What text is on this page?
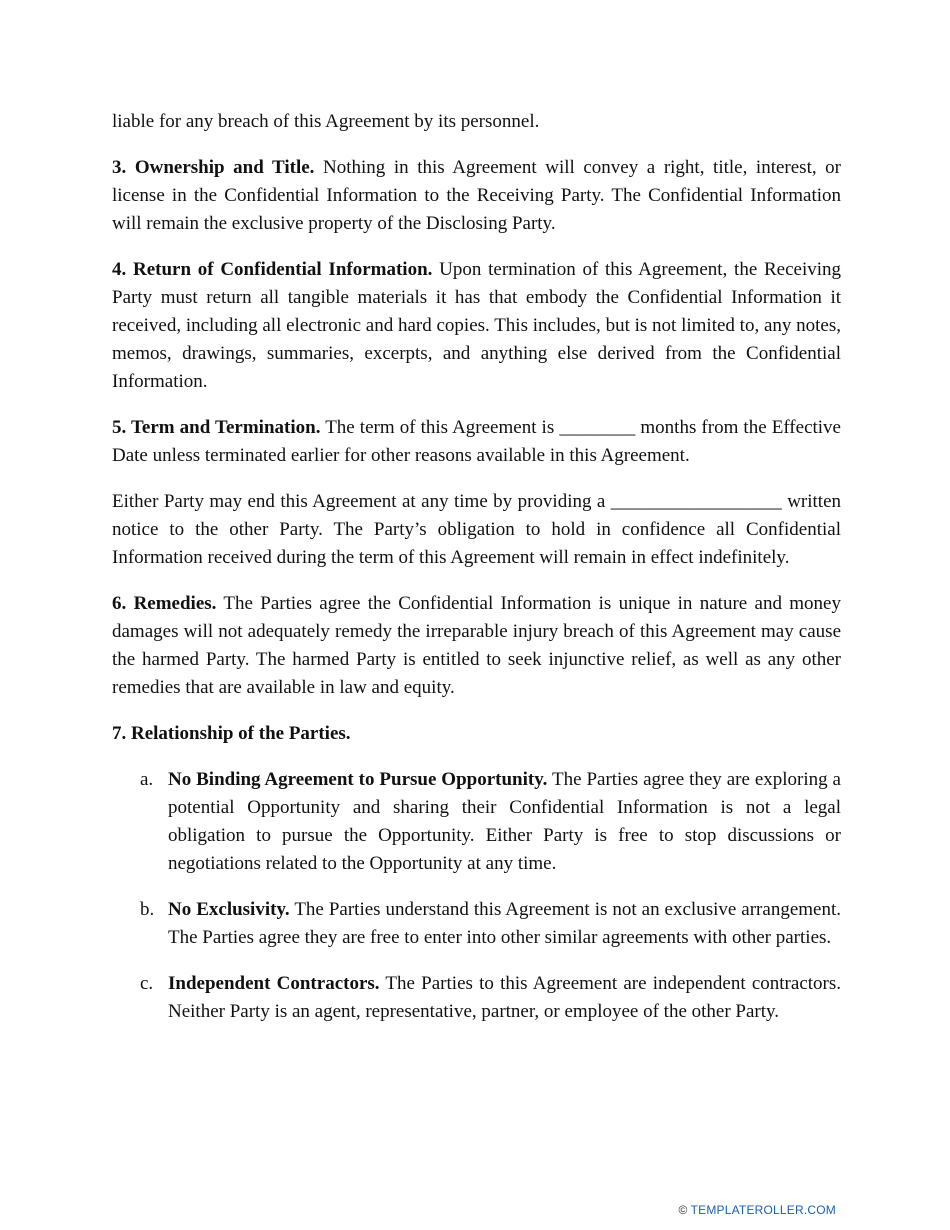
liable for any breach of this Agreement by its personnel.

3. Ownership and Title. Nothing in this Agreement will convey a right, title, interest, or license in the Confidential Information to the Receiving Party. The Confidential Information will remain the exclusive property of the Disclosing Party.

4. Return of Confidential Information. Upon termination of this Agreement, the Receiving Party must return all tangible materials it has that embody the Confidential Information it received, including all electronic and hard copies. This includes, but is not limited to, any notes, memos, drawings, summaries, excerpts, and anything else derived from the Confidential Information.

5. Term and Termination. The term of this Agreement is ________ months from the Effective Date unless terminated earlier for other reasons available in this Agreement.

Either Party may end this Agreement at any time by providing a __________________ written notice to the other Party. The Party’s obligation to hold in confidence all Confidential Information received during the term of this Agreement will remain in effect indefinitely.

6. Remedies. The Parties agree the Confidential Information is unique in nature and money damages will not adequately remedy the irreparable injury breach of this Agreement may cause the harmed Party. The harmed Party is entitled to seek injunctive relief, as well as any other remedies that are available in law and equity.

7. Relationship of the Parties.

a. No Binding Agreement to Pursue Opportunity. The Parties agree they are exploring a potential Opportunity and sharing their Confidential Information is not a legal obligation to pursue the Opportunity. Either Party is free to stop discussions or negotiations related to the Opportunity at any time.
b. No Exclusivity. The Parties understand this Agreement is not an exclusive arrangement. The Parties agree they are free to enter into other similar agreements with other parties.
c. Independent Contractors. The Parties to this Agreement are independent contractors. Neither Party is an agent, representative, partner, or employee of the other Party.
© TEMPLATEROLLER.COM
